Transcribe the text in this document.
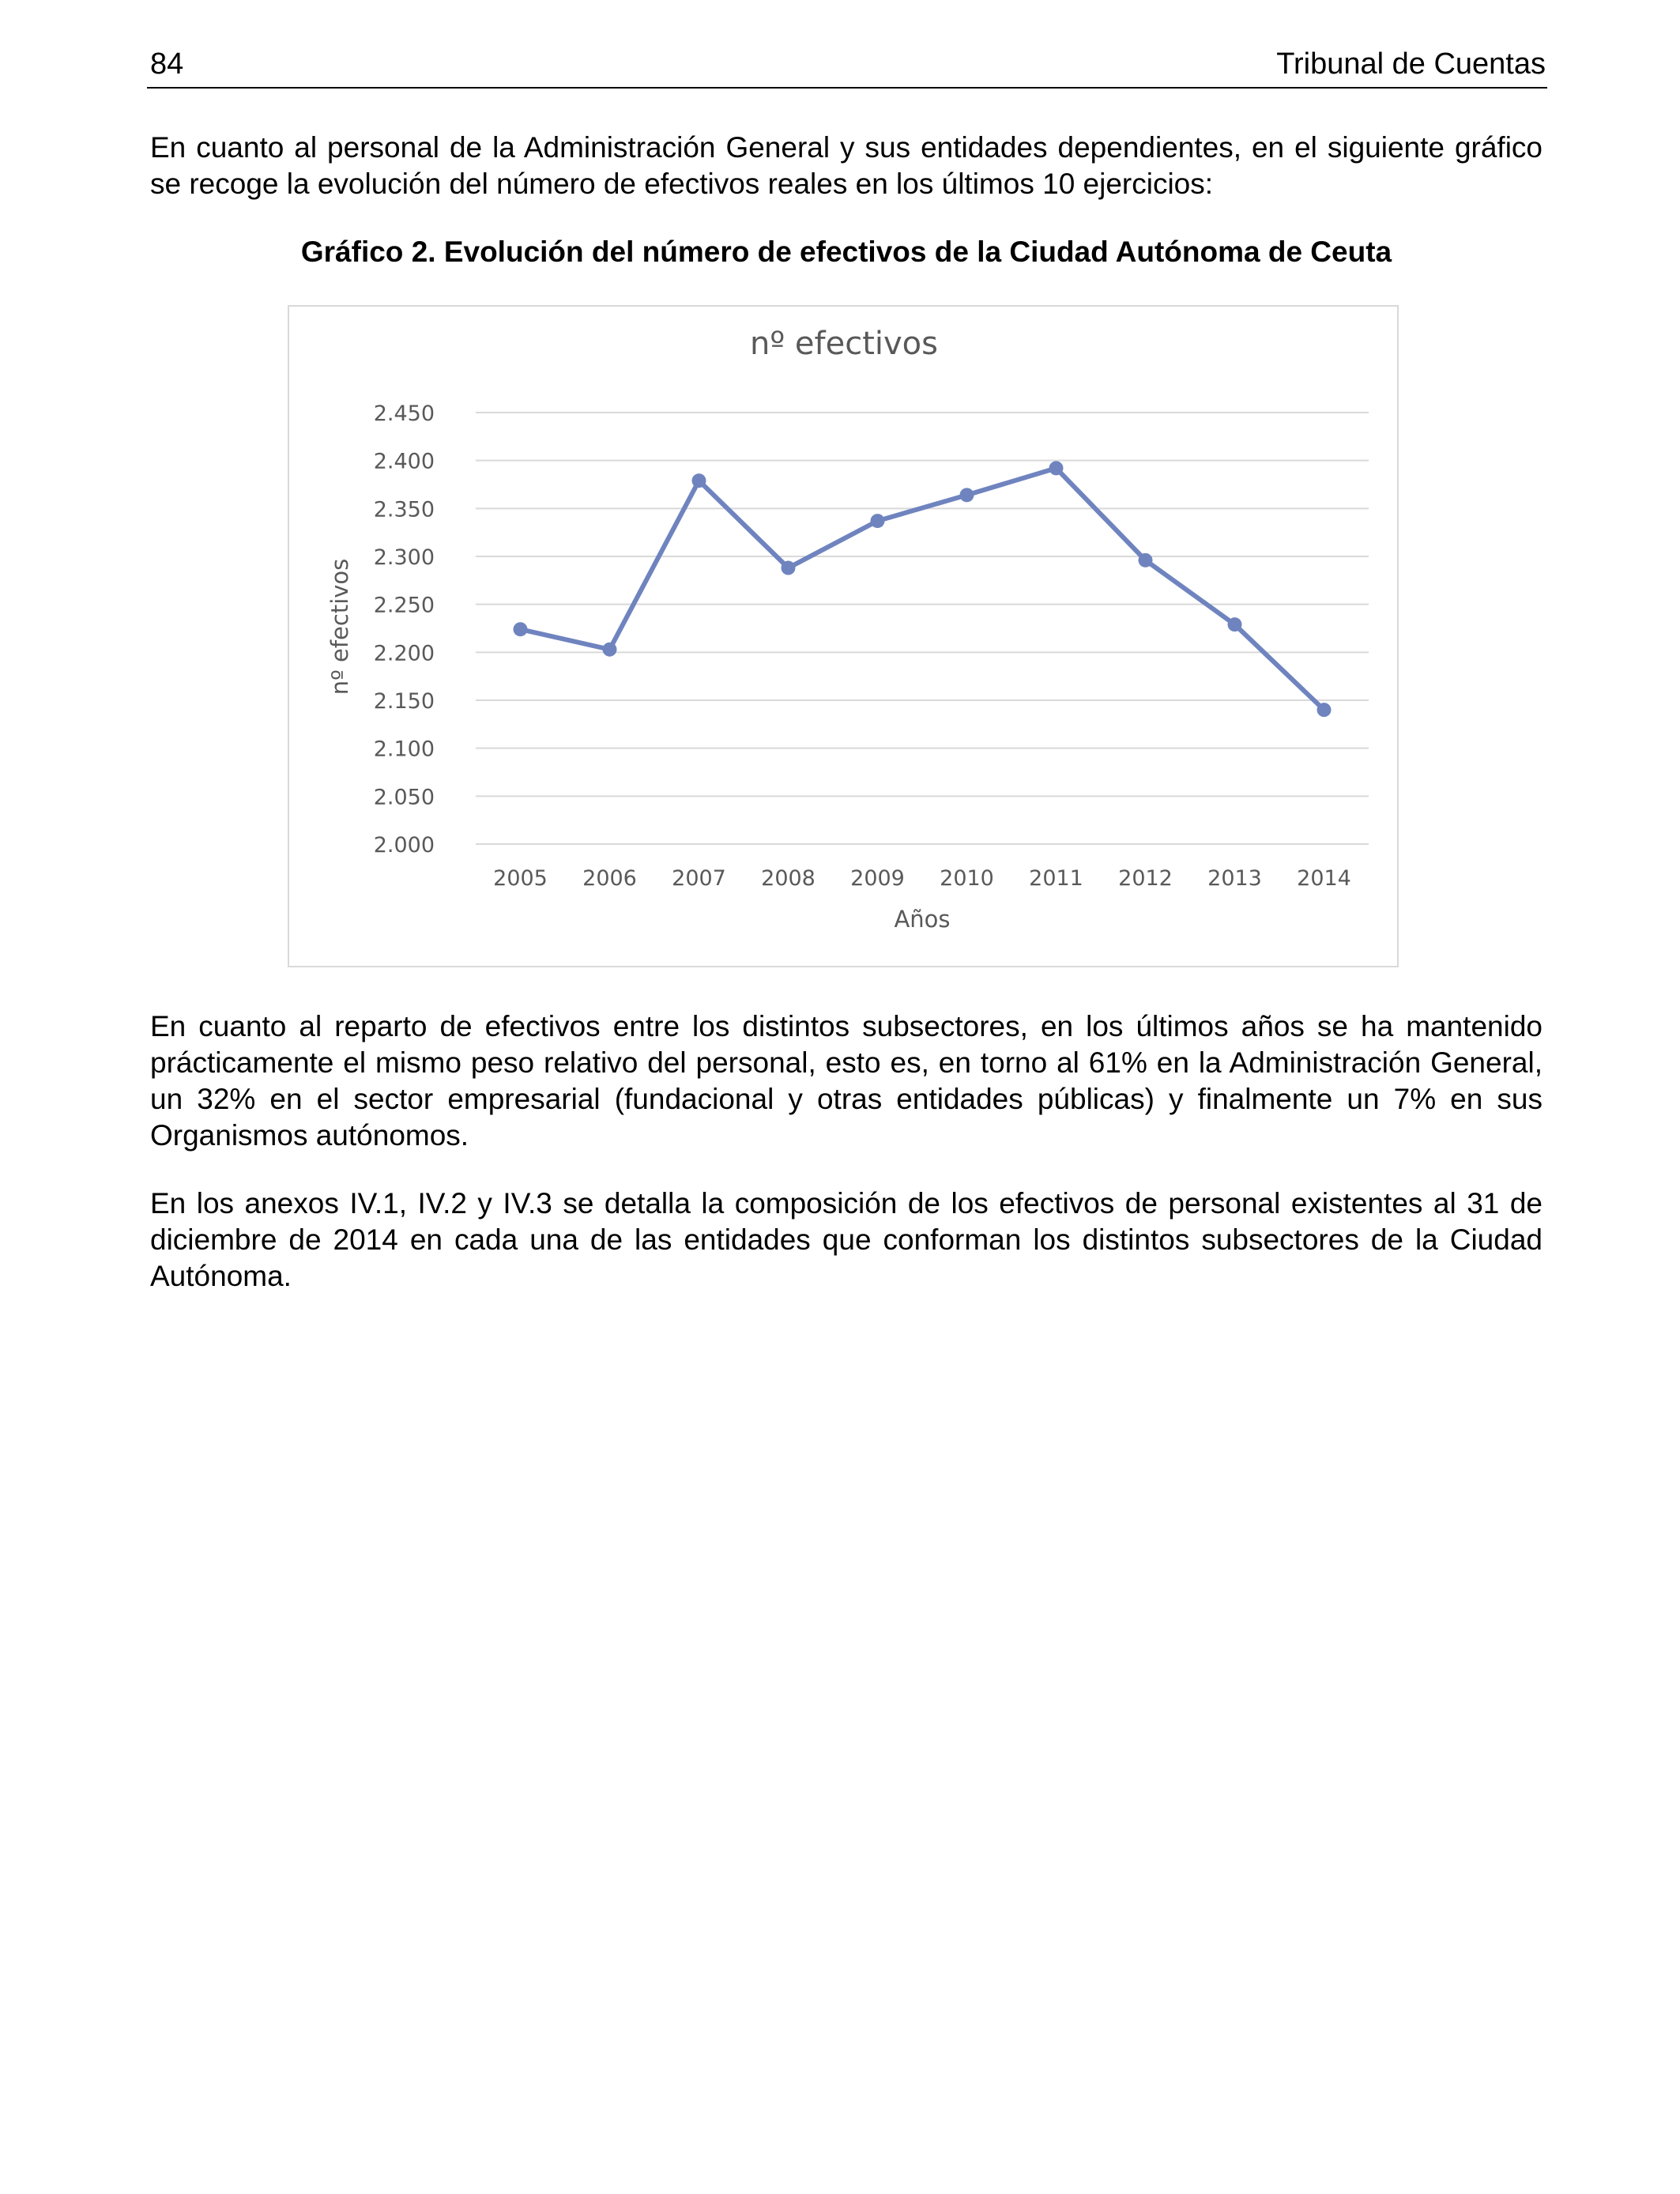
84	Tribunal de Cuentas

En cuanto al personal de la Administración General y sus entidades dependientes, en el siguiente gráfico se recoge la evolución del número de efectivos reales en los últimos 10 ejercicios:

Gráfico 2. Evolución del número de efectivos de la Ciudad Autónoma de Ceuta
nº efectivos
2.000
2.050
2.100
2.150
2.200
2.250
2.300
2.350
2.400
2.450
2005 2006 2007 2008 2009 2010 2011 2012 2013 2014
Años
nº efectivos

En cuanto al reparto de efectivos entre los distintos subsectores, en los últimos años se ha mantenido prácticamente el mismo peso relativo del personal, esto es, en torno al 61% en la Administración General, un 32% en el sector empresarial (fundacional y otras entidades públicas) y finalmente un 7% en sus Organismos autónomos.

En los anexos IV.1, IV.2 y IV.3 se detalla la composición de los efectivos de personal existentes al 31 de diciembre de 2014 en cada una de las entidades que conforman los distintos subsectores de la Ciudad Autónoma.
